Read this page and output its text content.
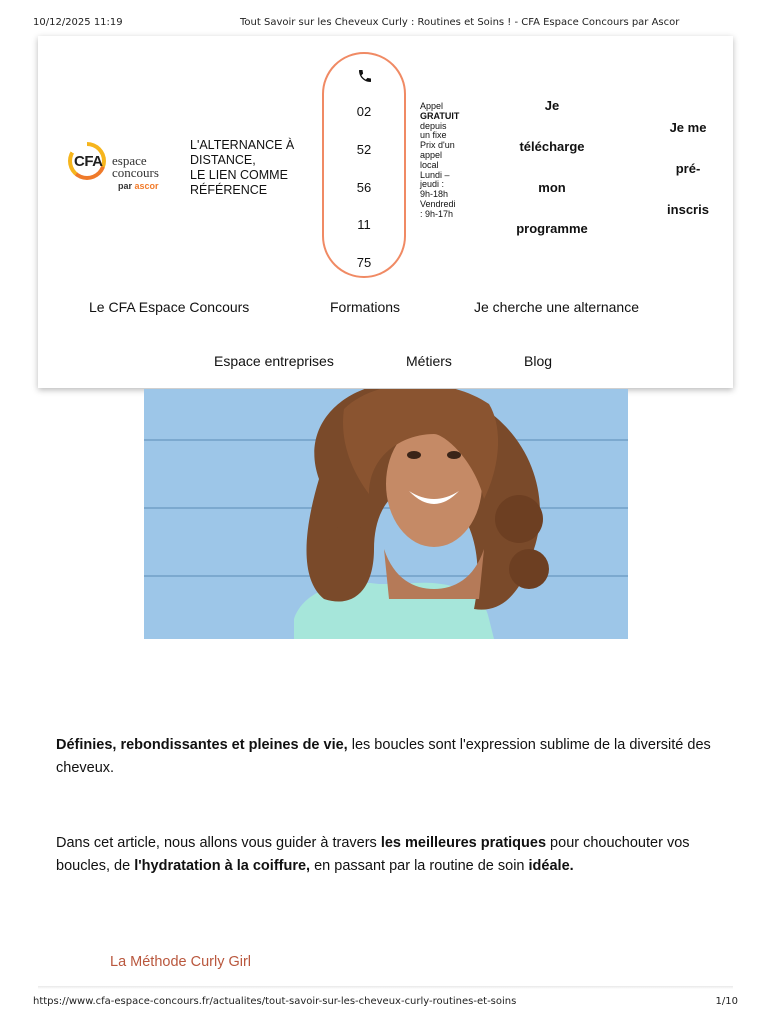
10/12/2025 11:19	Tout Savoir sur les Cheveux Curly : Routines et Soins ! - CFA Espace Concours par Ascor
CFA espace
concours
par ascor
L'ALTERNANCE À
DISTANCE,
LE LIEN COMME
RÉFÉRENCE
02
52
56
11
75
Appel
GRATUIT
depuis
un fixe
Prix d'un
appel
local
Lundi –
jeudi :
9h-18h
Vendredi
: 9h-17h
Je
télécharge
mon
programme
Je me
pré-
inscris
Le CFA Espace Concours	Formations	Je cherche une alternance
Espace entreprises	Métiers	Blog
Définies, rebondissantes et pleines de vie, les boucles sont l'expression sublime de la diversité des cheveux.
Dans cet article, nous allons vous guider à travers les meilleures pratiques pour chouchouter vos boucles, de l'hydratation à la coiffure, en passant par la routine de soin idéale.
La Méthode Curly Girl
https://www.cfa-espace-concours.fr/actualites/tout-savoir-sur-les-cheveux-curly-routines-et-soins	1/10
